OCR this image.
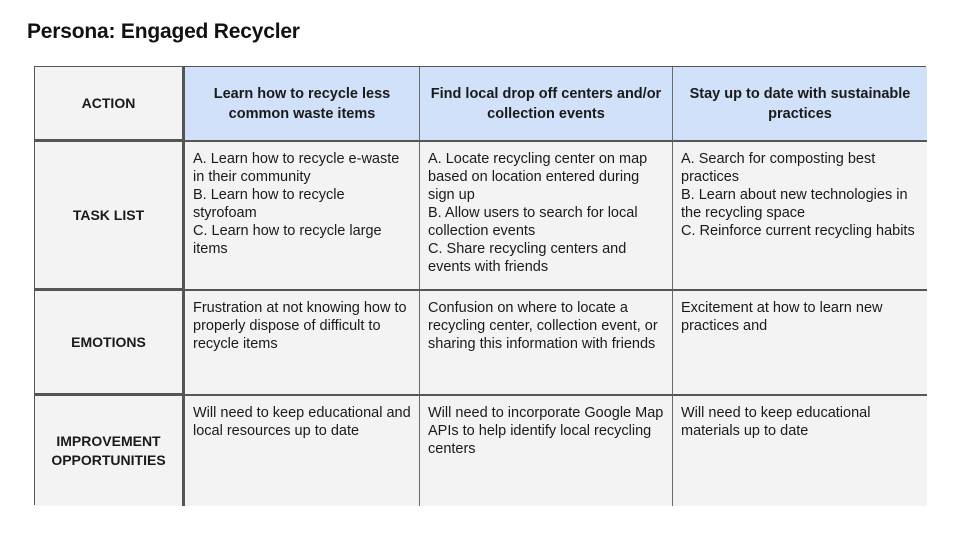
Persona: Engaged Recycler
ACTION
Learn how to recycle less common waste items
Find local drop off centers and/or collection events
Stay up to date with sustainable practices
TASK LIST
A. Learn how to recycle e-waste in their community
B. Learn how to recycle styrofoam
C. Learn how to recycle large items
A. Locate recycling center on map based on location entered during sign up
B. Allow users to search for local collection events
C. Share recycling centers and events with friends
A. Search for composting best practices
B. Learn about new technologies in the recycling space
C. Reinforce current recycling habits
EMOTIONS
Frustration at not knowing how to properly dispose of difficult to recycle items
Confusion on where to locate a recycling center, collection event, or sharing this information with friends
Excitement at how to learn new practices and
IMPROVEMENT OPPORTUNITIES
Will need to keep educational and local resources up to date
Will need to incorporate Google Map APIs to help identify local recycling centers
Will need to keep educational materials up to date
